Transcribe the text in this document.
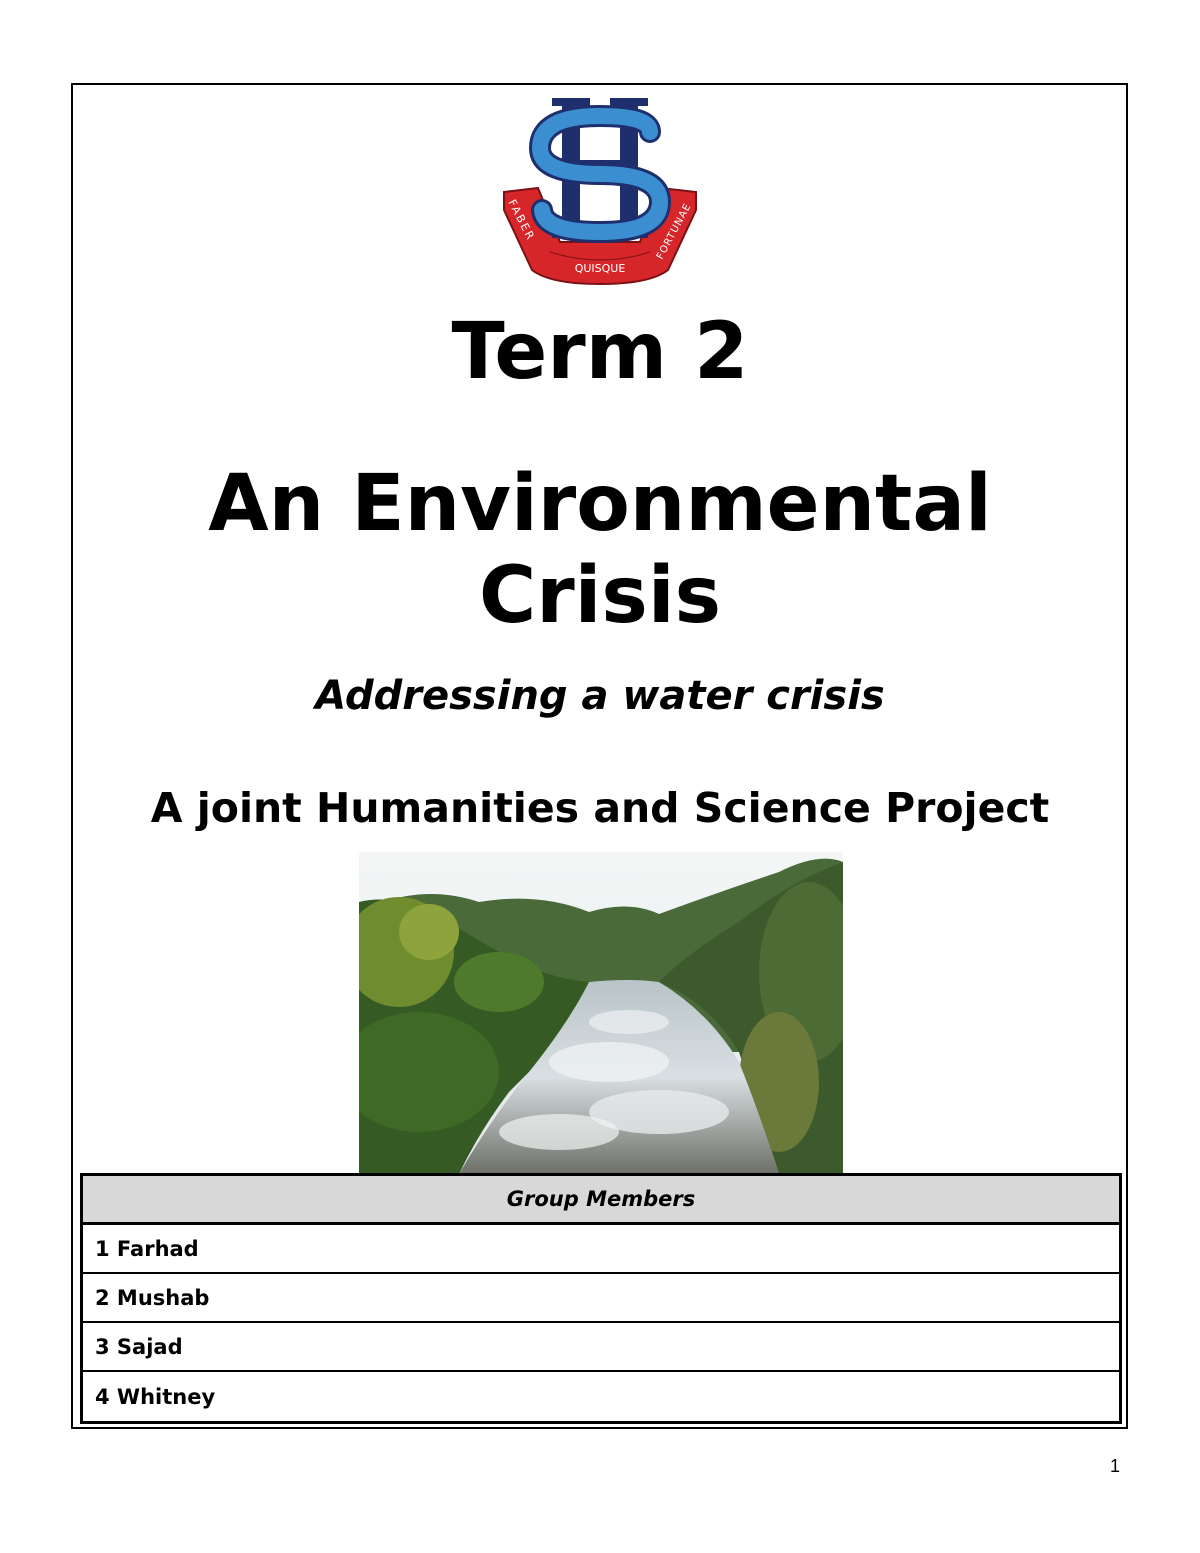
FABER
QUISQUE
FORTUNAE
Term 2
An Environmental
Crisis
Addressing a water crisis
A joint Humanities and Science Project
Group Members
1 Farhad
2 Mushab
3 Sajad
4 Whitney
1
